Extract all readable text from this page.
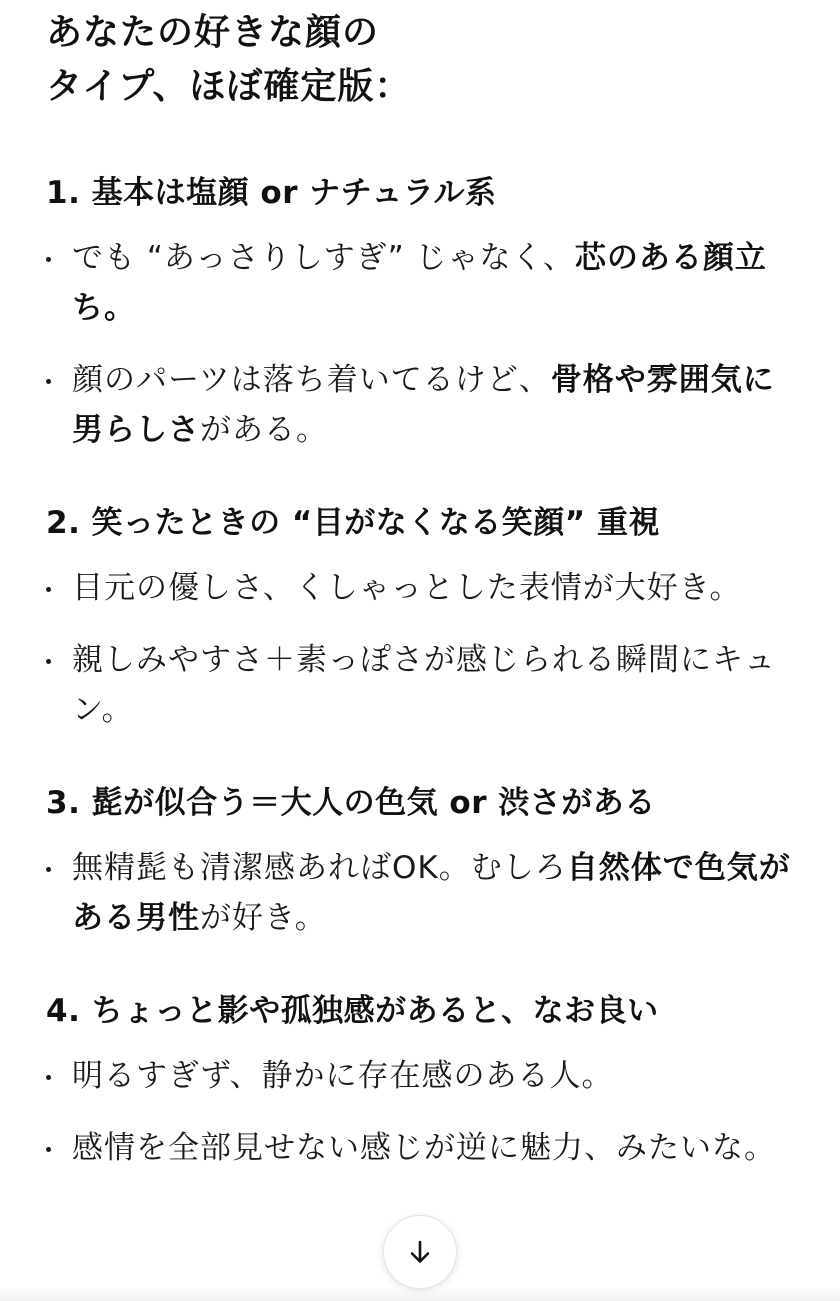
あなたの好きな顔の
タイプ、ほぼ確定版：
1. 基本は塩顔 or ナチュラル系
でも “あっさりしすぎ” じゃなく、芯のある顔立ち。
顔のパーツは落ち着いてるけど、骨格や雰囲気に男らしさがある。
2. 笑ったときの “目がなくなる笑顔” 重視
目元の優しさ、くしゃっとした表情が大好き。
親しみやすさ＋素っぽさが感じられる瞬間にキュン。
3. 髭が似合う＝大人の色気 or 渋さがある
無精髭も清潔感あればOK。むしろ自然体で色気がある男性が好き。
4. ちょっと影や孤独感があると、なお良い
明るすぎず、静かに存在感のある人。
感情を全部見せない感じが逆に魅力、みたいな。
